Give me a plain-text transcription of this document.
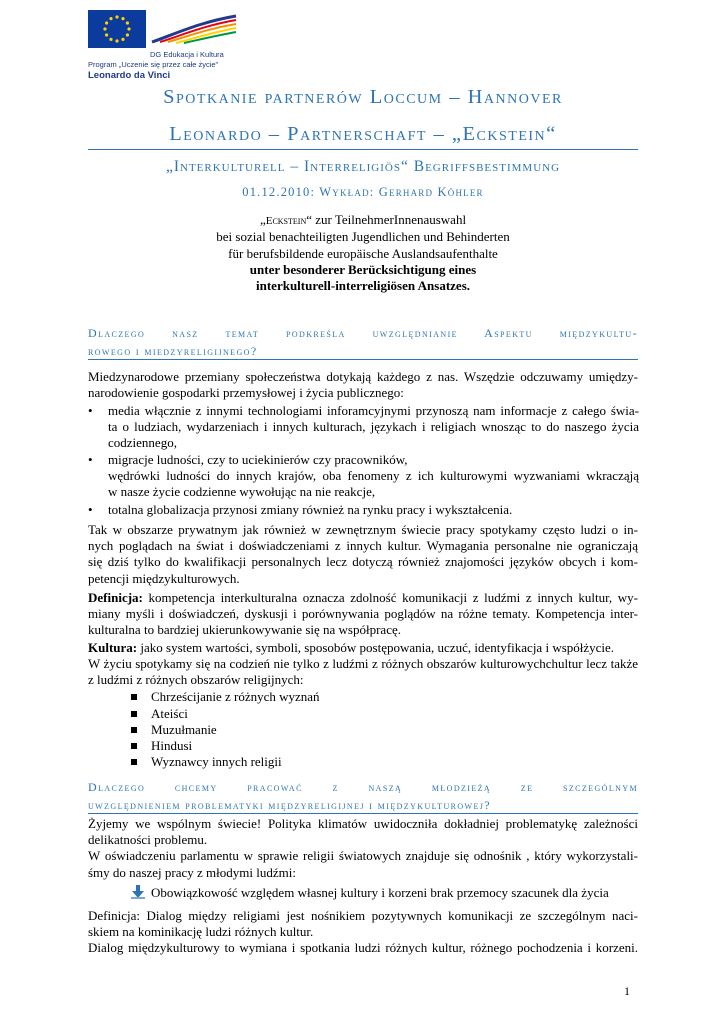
DG Edukacja i Kultura
Program „Uczenie się przez całe życie"
Leonardo da Vinci
Spotkanie partnerów Loccum – Hannover
Leonardo – Partnerschaft – „Eckstein“
„Interkulturell – Interreligiös“ Begriffsbestimmung
01.12.2010: Wykład: Gerhard Köhler
„Eckstein“ zur TeilnehmerInnenauswahl
bei sozial benachteiligten Jugendlichen und Behinderten
für berufsbildende europäische Auslandsaufenthalte
unter besonderer Berücksichtigung eines
interkulturell-interreligiösen Ansatzes.
Dlaczego nasz temat podkreśla uwzględnianie Aspektu międzykultu-
rowego i miedzyreligijnego?
Miedzynarodowe przemiany społeczeństwa dotykają każdego z nas. Wszędzie odczuwamy umiędzy-
narodowienie gospodarki przemysłowej i życia publicznego:
• media włącznie z innymi technologiami inforamcyjnymi przynoszą nam informacje z całego świa-
ta o ludziach, wydarzeniach i innych kulturach, językach i religiach wnosząc to do naszego życia
codziennego,
• migracje ludności, czy to uciekinierów czy pracowników,
wędrówki ludności do innych krajów, oba fenomeny z ich kulturowymi wyzwaniami wkracząją
w nasze życie codzienne wywołując na nie reakcje,
• totalna globalizacja przynosi zmiany również na rynku pracy i wykształcenia.
Tak w obszarze prywatnym jak również w zewnętrznym świecie pracy spotykamy często ludzi o in-
nych poglądach na świat i doświadczeniami z innych kultur. Wymagania personalne nie ograniczają
się dziś tylko do kwalifikacji personalnych lecz dotyczą również znajomości języków obcych i kom-
petencji międzykulturowych.
Definicja: kompetencja interkulturalna oznacza zdolność komunikacji z ludźmi z innych kultur, wy-
miany myśli i doświadczeń, dyskusji i porównywania poglądów na różne tematy. Kompetencja inter-
kulturalna to bardziej ukierunkowywanie się na współpracę.
Kultura: jako system wartości, symboli, sposobów postępowania, uczuć, identyfikacja i współżycie.
W życiu spotykamy się na codzień nie tylko z ludźmi z różnych obszarów kulturowychchultur lecz także
z ludźmi z różnych obszarów religijnych:
Chrześcijanie z różnych wyznań
Ateiści
Muzułmanie
Hindusi
Wyznawcy innych religii
Dlaczego chcemy pracować z naszą młodzieżą ze szczególnym
uwzględnieniem problematyki międzyreligijnej i międzykulturowej?
Żyjemy we wspólnym świecie! Polityka klimatów uwidoczniła dokładniej problematykę zależności
delikatności problemu.
W oświadczeniu parlamentu w sprawie religii światowych znajduje się odnośnik , który wykorzystali-
śmy do naszej pracy z młodymi ludźmi:
Obowiązkowość względem własnej kultury i korzeni brak przemocy szacunek dla życia
Definicja: Dialog między religiami jest nośnikiem pozytywnych komunikacji ze szczególnym naci-
skiem na kominikację ludzi różnych kultur.
Dialog międzykulturowy to wymiana i spotkania ludzi różnych kultur, różnego pochodzenia i korzeni.
1
